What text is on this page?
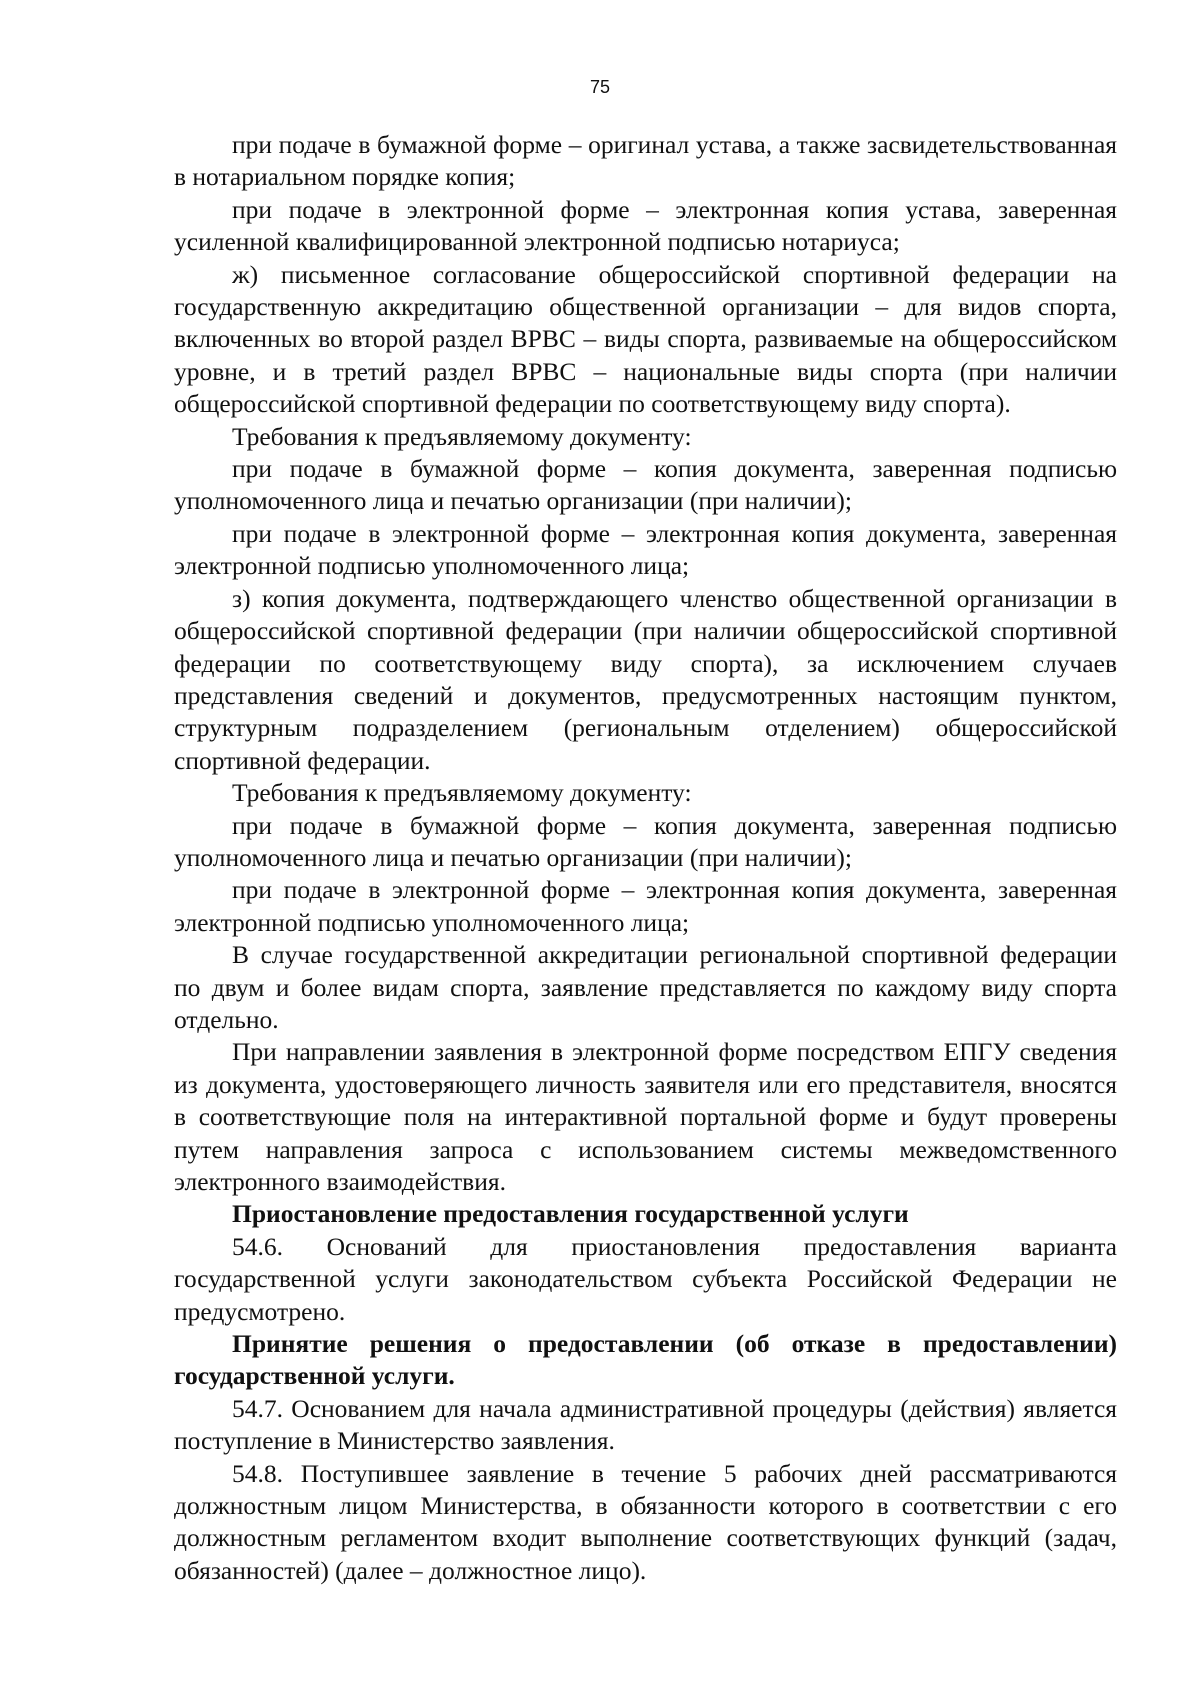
75

при подаче в бумажной форме – оригинал устава, а также засвидетельствованная в нотариальном порядке копия;

при подаче в электронной форме – электронная копия устава, заверенная усиленной квалифицированной электронной подписью нотариуса;

ж) письменное согласование общероссийской спортивной федерации на государственную аккредитацию общественной организации – для видов спорта, включенных во второй раздел ВРВС – виды спорта, развиваемые на общероссийском уровне, и в третий раздел ВРВС – национальные виды спорта (при наличии общероссийской спортивной федерации по соответствующему виду спорта).

Требования к предъявляемому документу:

при подаче в бумажной форме – копия документа, заверенная подписью уполномоченного лица и печатью организации (при наличии);

при подаче в электронной форме – электронная копия документа, заверенная электронной подписью уполномоченного лица;

з) копия документа, подтверждающего членство общественной организации в общероссийской спортивной федерации (при наличии общероссийской спортивной федерации по соответствующему виду спорта), за исключением случаев представления сведений и документов, предусмотренных настоящим пунктом, структурным подразделением (региональным отделением) общероссийской спортивной федерации.

Требования к предъявляемому документу:

при подаче в бумажной форме – копия документа, заверенная подписью уполномоченного лица и печатью организации (при наличии);

при подаче в электронной форме – электронная копия документа, заверенная электронной подписью уполномоченного лица;

В случае государственной аккредитации региональной спортивной федерации по двум и более видам спорта, заявление представляется по каждому виду спорта отдельно.

При направлении заявления в электронной форме посредством ЕПГУ сведения из документа, удостоверяющего личность заявителя или его представителя, вносятся в соответствующие поля на интерактивной портальной форме и будут проверены путем направления запроса с использованием системы межведомственного электронного взаимодействия.

Приостановление предоставления государственной услуги

54.6. Оснований для приостановления предоставления варианта государственной услуги законодательством субъекта Российской Федерации не предусмотрено.

Принятие решения о предоставлении (об отказе в предоставлении) государственной услуги.

54.7. Основанием для начала административной процедуры (действия) является поступление в Министерство заявления.

54.8. Поступившее заявление в течение 5 рабочих дней рассматриваются должностным лицом Министерства, в обязанности которого в соответствии с его должностным регламентом входит выполнение соответствующих функций (задач, обязанностей) (далее – должностное лицо).
